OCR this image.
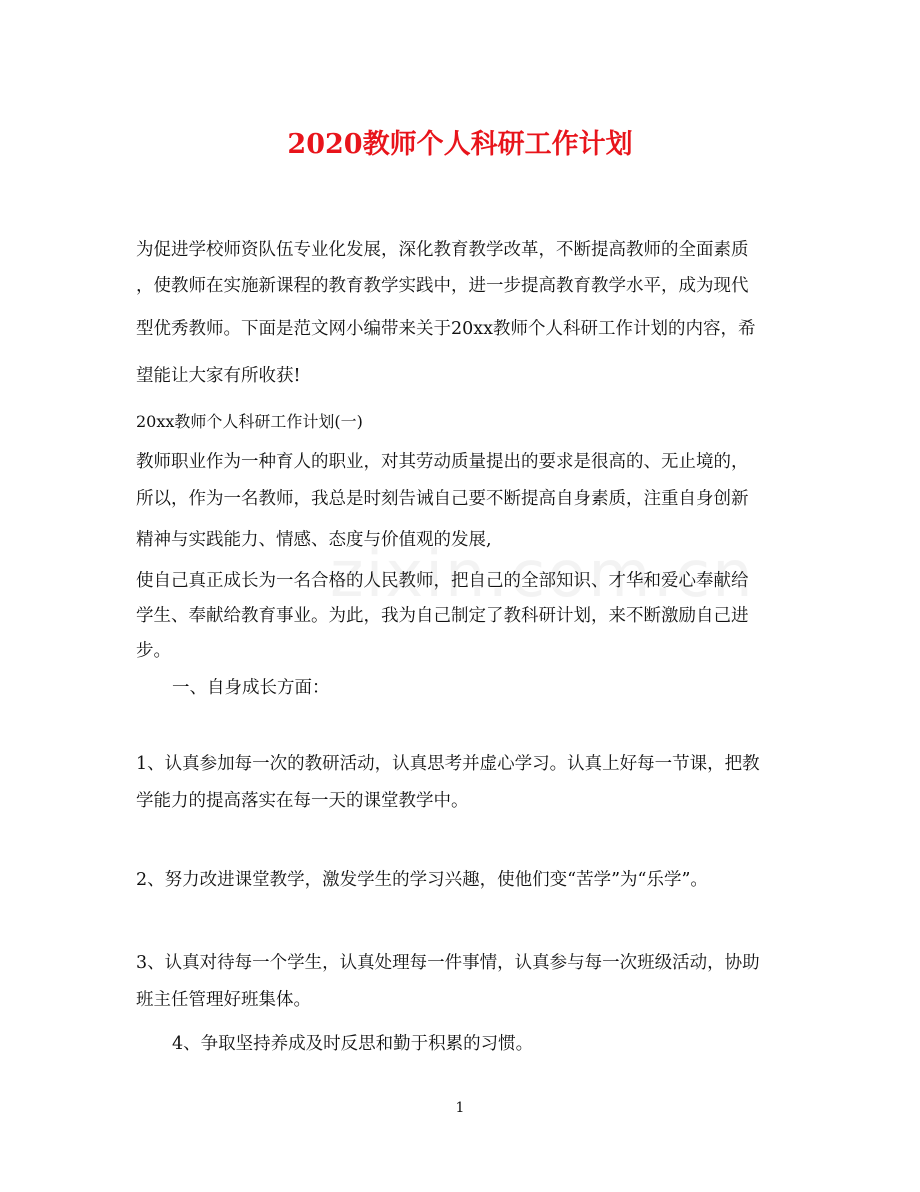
2020教师个人科研工作计划
为促进学校师资队伍专业化发展，深化教育教学改革，不断提高教师的全面素质
，使教师在实施新课程的教育教学实践中，进一步提高教育教学水平，成为现代
型优秀教师。下面是范文网小编带来关于20xx教师个人科研工作计划的内容，希
望能让大家有所收获!
20xx教师个人科研工作计划(一)
教师职业作为一种育人的职业，对其劳动质量提出的要求是很高的、无止境的，
所以，作为一名教师，我总是时刻告诫自己要不断提高自身素质，注重自身创新
精神与实践能力、情感、态度与价值观的发展,
使自己真正成长为一名合格的人民教师，把自己的全部知识、才华和爱心奉献给
学生、奉献给教育事业。为此，我为自己制定了教科研计划，来不断激励自己进
步。
一、自身成长方面：
1、认真参加每一次的教研活动，认真思考并虚心学习。认真上好每一节课，把教
学能力的提高落实在每一天的课堂教学中。
2、努力改进课堂教学，激发学生的学习兴趣，使他们变“苦学”为“乐学”。
3、认真对待每一个学生，认真处理每一件事情，认真参与每一次班级活动，协助
班主任管理好班集体。
4、争取坚持养成及时反思和勤于积累的习惯。
1
